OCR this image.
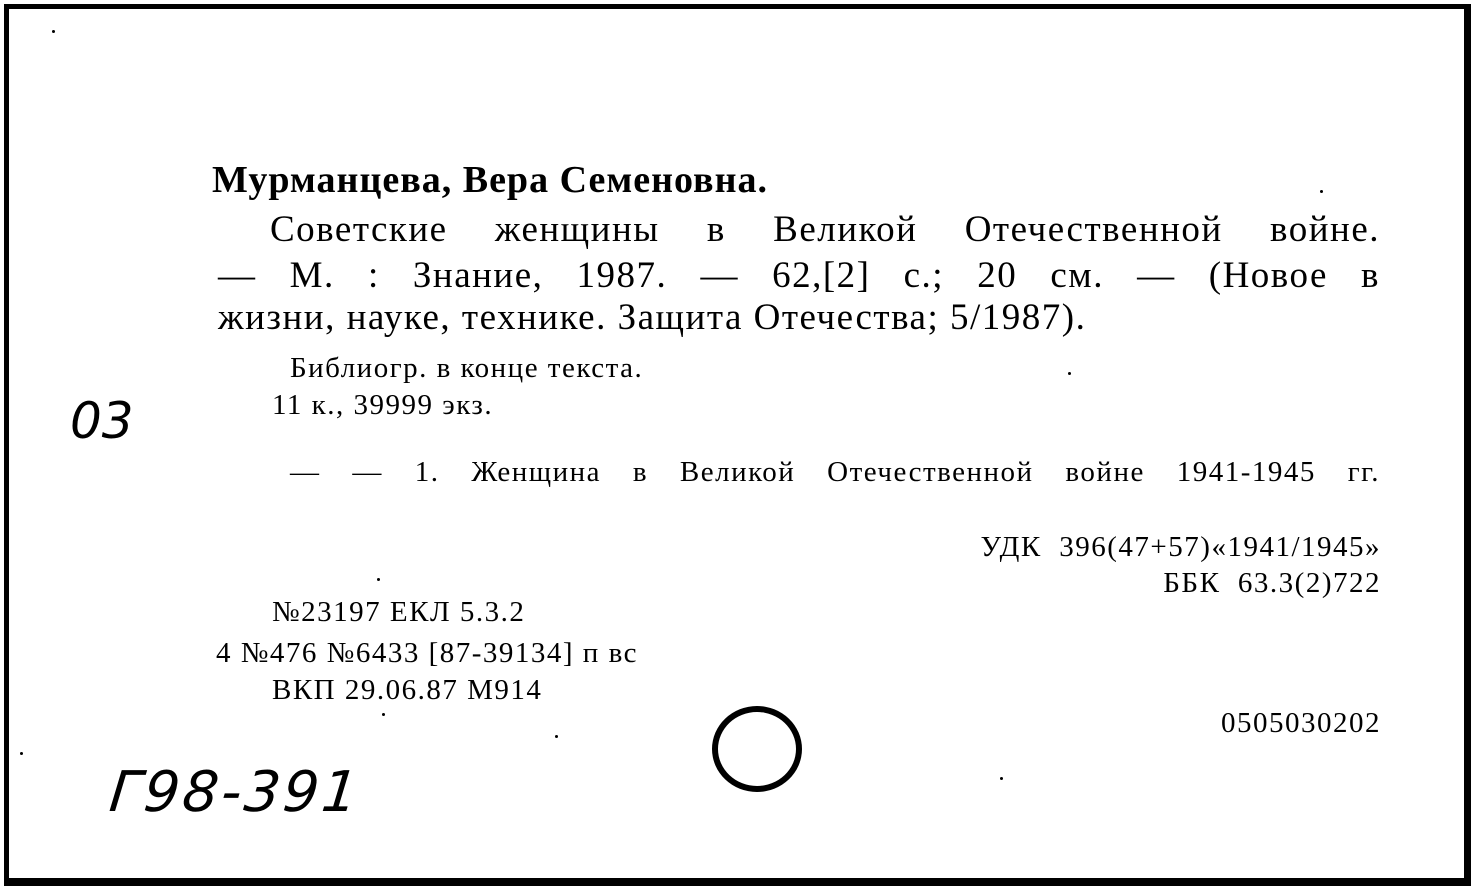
Мурманцева, Вера Семеновна.
Советские женщины в Великой Отечественной войне.
— М. : Знание, 1987. — 62,[2] с.; 20 см. — (Новое в
жизни, науке, технике. Защита Отечества; 5/1987).
Библиогр. в конце текста.
11 к., 39999 экз.
— — 1. Женщина в Великой Отечественной войне 1941-1945 гг.
УДК  396(47+57)«1941/1945»
ББК  63.3(2)722
№23197 ЕКЛ 5.3.2
4 №476 №6433 [87-39134] п вс
ВКП 29.06.87 М914
0505030202
03
Г98-391
